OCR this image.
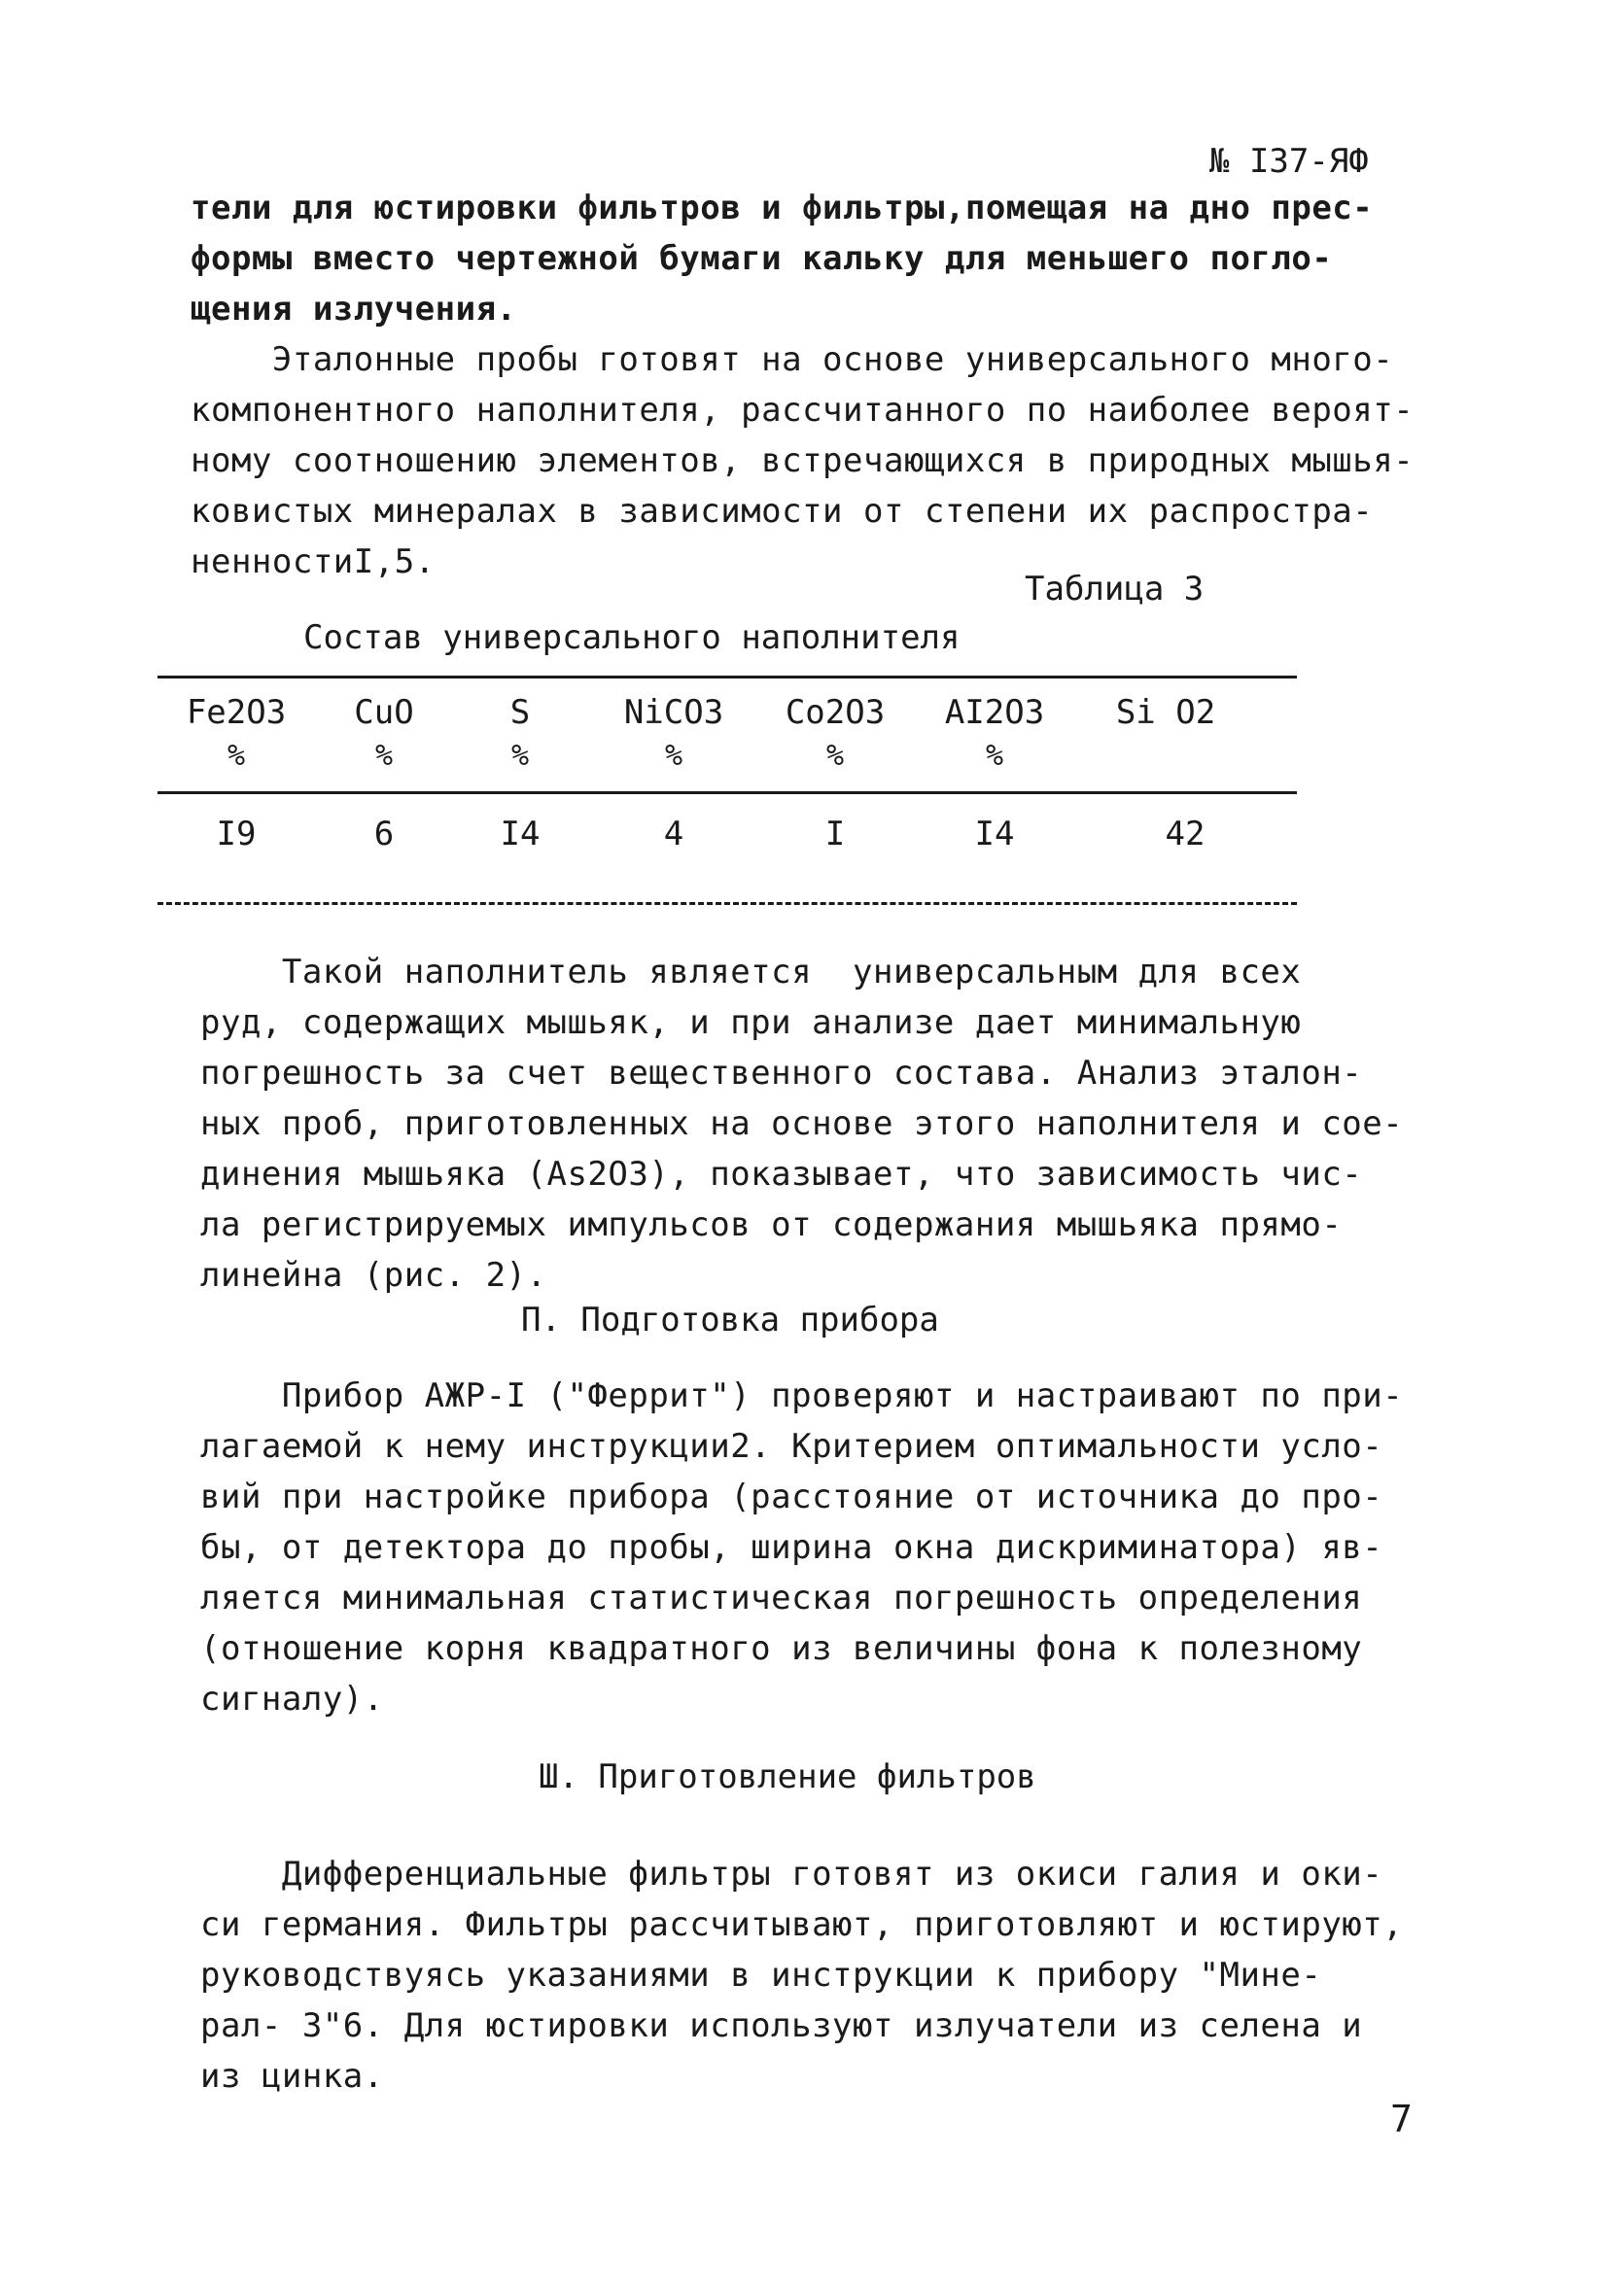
№ I37-ЯФ

тели для юстировки фильтров и фильтры,помещая на дно прес-
формы вместо чертежной бумаги кальку для меньшего погло-
щения излучения.

Эталонные пробы готовят на основе универсального много-
компонентного наполнителя, рассчитанного по наиболее вероят-
ному соотношению элементов, встречающихся в природных мышья-
ковистых минералах в зависимости от степени их распростра-
ненностиI,5.

Таблица 3
Состав универсального наполнителя
Fe2O3
%
I9
CuO
%
6
S
%
I4
NiCO3
%
4
Co2O3
%
I
AI2O3
%
I4
Si O2
42

Такой наполнитель является  универсальным для всех
руд, содержащих мышьяк, и при анализе дает минимальную
погрешность за счет вещественного состава. Анализ эталон-
ных проб, приготовленных на основе этого наполнителя и сое-
динения мышьяка (As2O3), показывает, что зависимость чис-
ла регистрируемых импульсов от содержания мышьяка прямо-
линейна (рис. 2).

П. Подготовка прибора

Прибор АЖР-I ("Феррит") проверяют и настраивают по при-
лагаемой к нему инструкции2. Критерием оптимальности усло-
вий при настройке прибора (расстояние от источника до про-
бы, от детектора до пробы, ширина окна дискриминатора) яв-
ляется минимальная статистическая погрешность определения
(отношение корня квадратного из величины фона к полезному
сигналу).

Ш. Приготовление фильтров

Дифференциальные фильтры готовят из окиси галия и оки-
си германия. Фильтры рассчитывают, приготовляют и юстируют,
руководствуясь указаниями в инструкции к прибору "Мине-
рал- 3"6. Для юстировки используют излучатели из селена и
из цинка.

7
